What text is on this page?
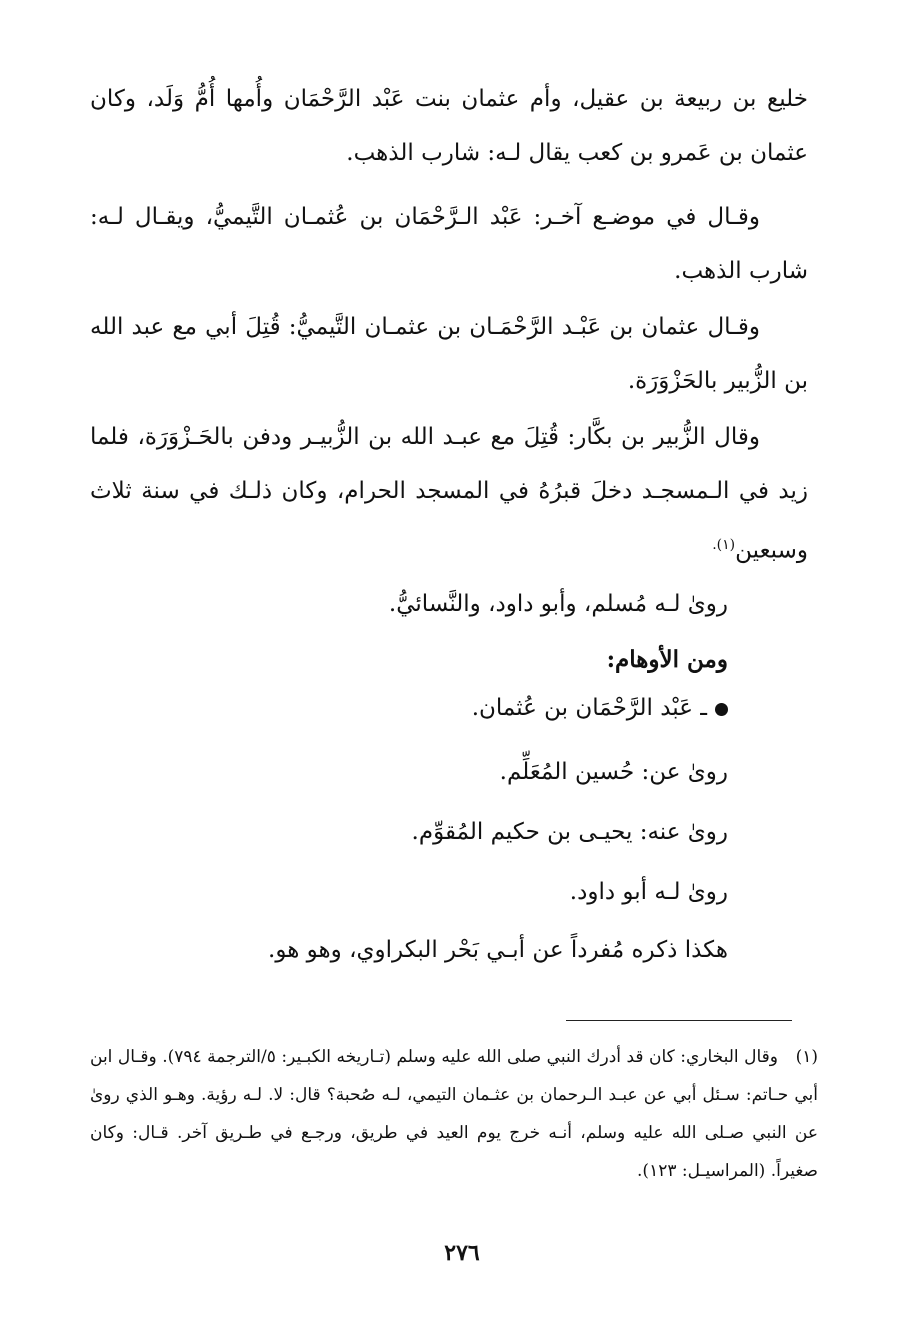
خليع بن ربيعة بن عقيل، وأم عثمان بنت عَبْد الرَّحْمَان وأُمها أُمُّ وَلَد، وكان عثمان بن عَمرو بن كعب يقال لـه: شارب الذهب.
وقـال في موضـع آخـر: عَبْد الـرَّحْمَان بن عُثمـان التَّيميُّ، ويقـال لـه: شارب الذهب.
وقـال عثمان بن عَبْـد الرَّحْمَـان بن عثمـان التَّيميُّ: قُتِلَ أبي مع عبد الله بن الزُّبير بالحَزْوَرَة.
وقال الزُّبير بن بكَّار: قُتِلَ مع عبـد الله بن الزُّبيـر ودفن بالحَـزْوَرَة، فلما زيد في الـمسجـد دخلَ قبرُهُ في المسجد الحرام، وكان ذلـك في سنة ثلاث وسبعين$^{(١).}$
روىٰ لـه مُسلم، وأبو داود، والنَّسائيُّ.
ومن الأوهام:
ـ عَبْد الرَّحْمَان بن عُثمان.
روىٰ عن: حُسين المُعَلِّم.
روىٰ عنه: يحيـى بن حكيم المُقوِّم.
روىٰ لـه أبو داود.
هكذا ذكره مُفرداً عن أبـي بَحْر البكراوي، وهو هو.
(١)وقال البخاري: كان قد أدرك النبي صلى الله عليه وسلم (تـاريخه الكبـير: ٥/الترجمة ٧٩٤). وقـال ابن أبي حـاتم: سـئل أبي عن عبـد الـرحمان بن عثـمان التيمي، لـه صُحبة؟ قال: لا. لـه رؤية. وهـو الذي روىٰ عن النبي صـلى الله عليه وسلم، أنـه خرج يوم العيد في طريق، ورجـع في طـريق آخر. قـال: وكان صغيراً. (المراسيـل: ١٢٣).
٢٧٦
